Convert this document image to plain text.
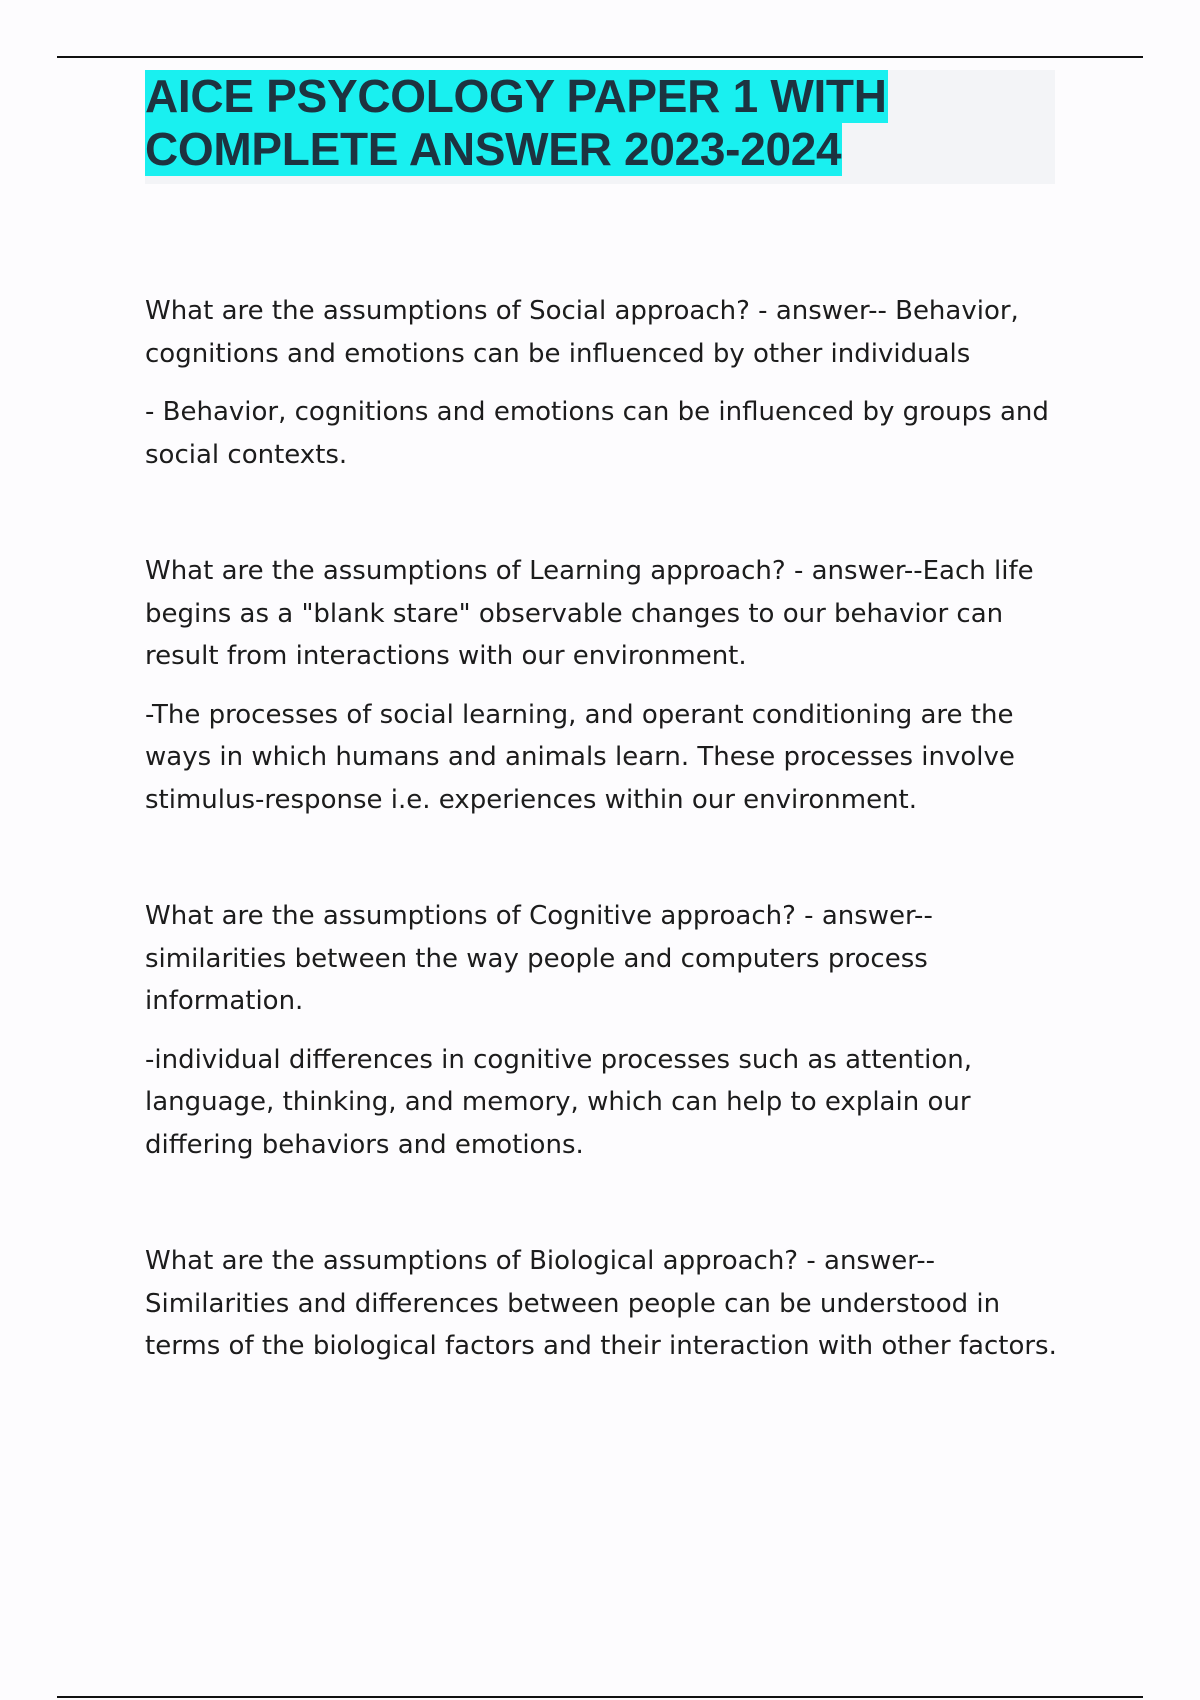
AICE PSYCOLOGY PAPER 1 WITH
COMPLETE ANSWER 2023-2024

What are the assumptions of Social approach? - answer-- Behavior, cognitions and emotions can be influenced by other individuals

- Behavior, cognitions and emotions can be influenced by groups and social contexts.

What are the assumptions of Learning approach? - answer--Each life begins as a "blank stare" observable changes to our behavior can result from interactions with our environment.

-The processes of social learning, and operant conditioning are the ways in which humans and animals learn. These processes involve stimulus-response i.e. experiences within our environment.

What are the assumptions of Cognitive approach? - answer--similarities between the way people and computers process information.

-individual differences in cognitive processes such as attention, language, thinking, and memory, which can help to explain our differing behaviors and emotions.

What are the assumptions of Biological approach? - answer--Similarities and differences between people can be understood in terms of the biological factors and their interaction with other factors.
